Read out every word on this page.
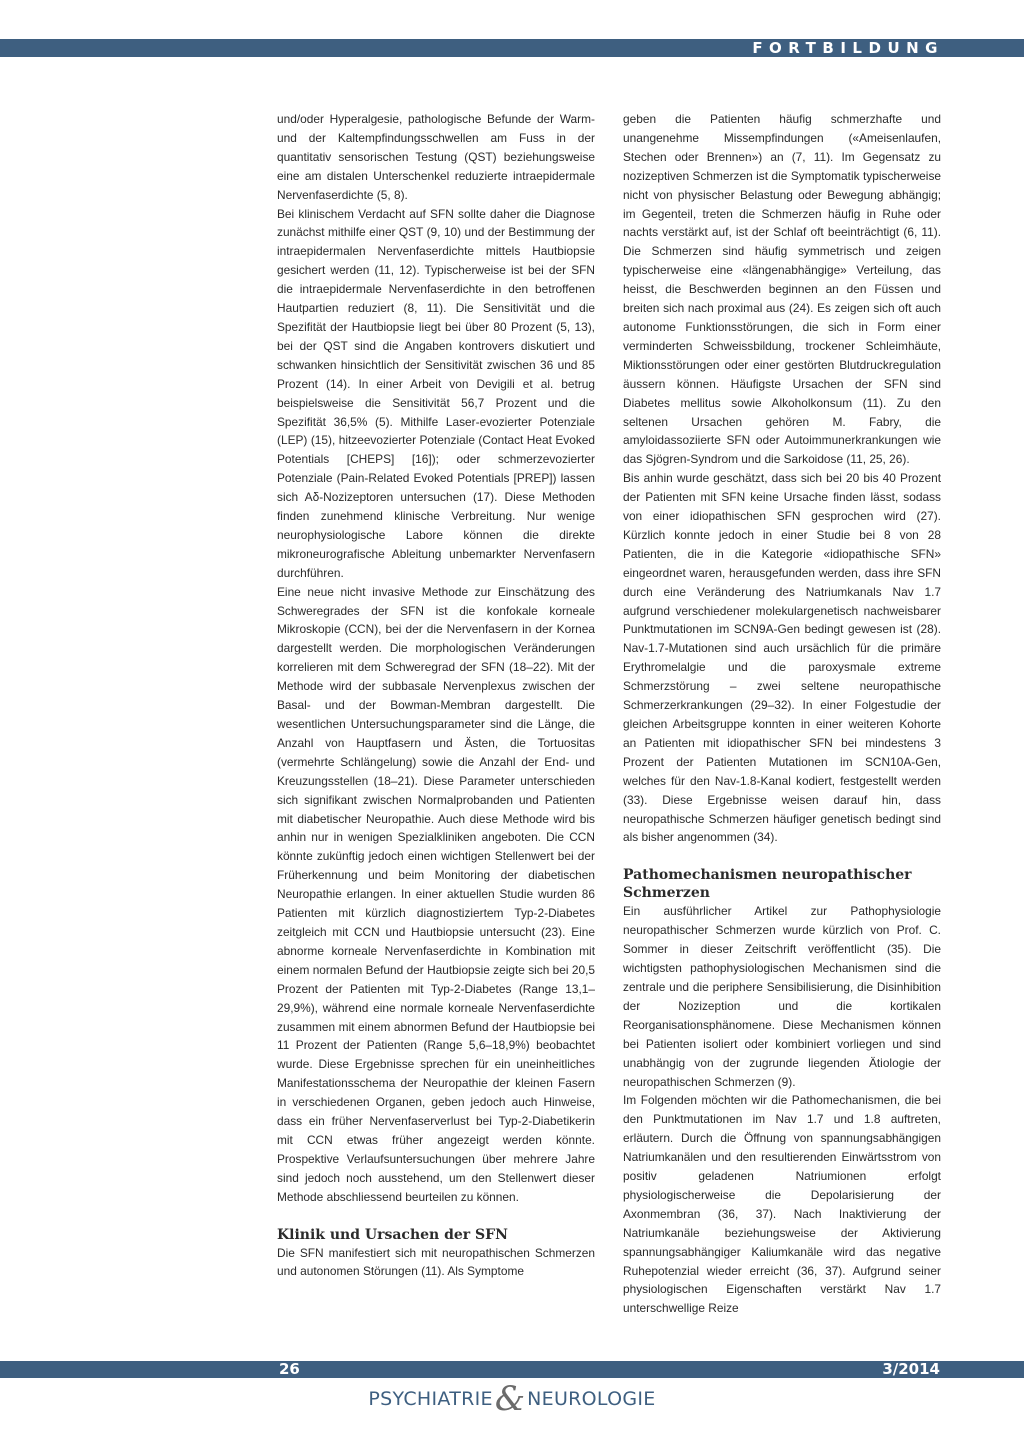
FORTBILDUNG

und/oder Hyperalgesie, pathologische Befunde der Warm- und der Kaltempfindungsschwellen am Fuss in der quantitativ sensorischen Testung (QST) beziehungsweise eine am distalen Unterschenkel reduzierte intraepidermale Nervenfaserdichte (5, 8).

Bei klinischem Verdacht auf SFN sollte daher die Diagnose zunächst mithilfe einer QST (9, 10) und der Bestimmung der intraepidermalen Nervenfaserdichte mittels Hautbiopsie gesichert werden (11, 12). Typischerweise ist bei der SFN die intraepidermale Nervenfaserdichte in den betroffenen Hautpartien reduziert (8, 11). Die Sensitivität und die Spezifität der Hautbiopsie liegt bei über 80 Prozent (5, 13), bei der QST sind die Angaben kontrovers diskutiert und schwanken hinsichtlich der Sensitivität zwischen 36 und 85 Prozent (14). In einer Arbeit von Devigili et al. betrug beispielsweise die Sensitivität 56,7 Prozent und die Spezifität 36,5% (5). Mithilfe Laser-evozierter Potenziale (LEP) (15), hitzeevozierter Potenziale (Contact Heat Evoked Potentials [CHEPS] [16]); oder schmerzevozierter Potenziale (Pain-Related Evoked Potentials [PREP]) lassen sich Aδ-Nozizeptoren untersuchen (17). Diese Methoden finden zunehmend klinische Verbreitung. Nur wenige neurophysiologische Labore können die direkte mikroneurografische Ableitung unbemarkter Nervenfasern durchführen.

Eine neue nicht invasive Methode zur Einschätzung des Schweregrades der SFN ist die konfokale korneale Mikroskopie (CCN), bei der die Nervenfasern in der Kornea dargestellt werden. Die morphologischen Veränderungen korrelieren mit dem Schweregrad der SFN (18–22). Mit der Methode wird der subbasale Nervenplexus zwischen der Basal- und der Bowman-Membran dargestellt. Die wesentlichen Untersuchungsparameter sind die Länge, die Anzahl von Hauptfasern und Ästen, die Tortuositas (vermehrte Schlängelung) sowie die Anzahl der End- und Kreuzungsstellen (18–21). Diese Parameter unterschieden sich signifikant zwischen Normalprobanden und Patienten mit diabetischer Neuropathie. Auch diese Methode wird bis anhin nur in wenigen Spezialkliniken angeboten. Die CCN könnte zukünftig jedoch einen wichtigen Stellenwert bei der Früherkennung und beim Monitoring der diabetischen Neuropathie erlangen. In einer aktuellen Studie wurden 86 Patienten mit kürzlich diagnostiziertem Typ-2-Diabetes zeitgleich mit CCN und Hautbiopsie untersucht (23). Eine abnorme korneale Nervenfaserdichte in Kombination mit einem normalen Befund der Hautbiopsie zeigte sich bei 20,5 Prozent der Patienten mit Typ-2-Diabetes (Range 13,1–29,9%), während eine normale korneale Nervenfaserdichte zusammen mit einem abnormen Befund der Hautbiopsie bei 11 Prozent der Patienten (Range 5,6–18,9%) beobachtet wurde. Diese Ergebnisse sprechen für ein uneinheitliches Manifestationsschema der Neuropathie der kleinen Fasern in verschiedenen Organen, geben jedoch auch Hinweise, dass ein früher Nervenfaserverlust bei Typ-2-Diabetikerin mit CCN etwas früher angezeigt werden könnte. Prospektive Verlaufsuntersuchungen über mehrere Jahre sind jedoch noch ausstehend, um den Stellenwert dieser Methode abschliessend beurteilen zu können.

Klinik und Ursachen der SFN

Die SFN manifestiert sich mit neuropathischen Schmerzen und autonomen Störungen (11). Als Symptome

geben die Patienten häufig schmerzhafte und unangenehme Missempfindungen («Ameisenlaufen, Stechen oder Brennen») an (7, 11). Im Gegensatz zu nozizeptiven Schmerzen ist die Symptomatik typischerweise nicht von physischer Belastung oder Bewegung abhängig; im Gegenteil, treten die Schmerzen häufig in Ruhe oder nachts verstärkt auf, ist der Schlaf oft beeinträchtigt (6, 11). Die Schmerzen sind häufig symmetrisch und zeigen typischerweise eine «längenabhängige» Verteilung, das heisst, die Beschwerden beginnen an den Füssen und breiten sich nach proximal aus (24). Es zeigen sich oft auch autonome Funktionsstörungen, die sich in Form einer verminderten Schweissbildung, trockener Schleimhäute, Miktionsstörungen oder einer gestörten Blutdruckregulation äussern können. Häufigste Ursachen der SFN sind Diabetes mellitus sowie Alkoholkonsum (11). Zu den seltenen Ursachen gehören M. Fabry, die amyloidassoziierte SFN oder Autoimmunerkrankungen wie das Sjögren-Syndrom und die Sarkoidose (11, 25, 26).

Bis anhin wurde geschätzt, dass sich bei 20 bis 40 Prozent der Patienten mit SFN keine Ursache finden lässt, sodass von einer idiopathischen SFN gesprochen wird (27). Kürzlich konnte jedoch in einer Studie bei 8 von 28 Patienten, die in die Kategorie «idiopathische SFN» eingeordnet waren, herausgefunden werden, dass ihre SFN durch eine Veränderung des Natriumkanals Nav 1.7 aufgrund verschiedener molekulargenetisch nachweisbarer Punktmutationen im SCN9A-Gen bedingt gewesen ist (28). Nav-1.7-Mutationen sind auch ursächlich für die primäre Erythromelalgie und die paroxysmale extreme Schmerzstörung – zwei seltene neuropathische Schmerzerkrankungen (29–32). In einer Folgestudie der gleichen Arbeitsgruppe konnten in einer weiteren Kohorte an Patienten mit idiopathischer SFN bei mindestens 3 Prozent der Patienten Mutationen im SCN10A-Gen, welches für den Nav-1.8-Kanal kodiert, festgestellt werden (33). Diese Ergebnisse weisen darauf hin, dass neuropathische Schmerzen häufiger genetisch bedingt sind als bisher angenommen (34).

Pathomechanismen neuropathischer Schmerzen

Ein ausführlicher Artikel zur Pathophysiologie neuropathischer Schmerzen wurde kürzlich von Prof. C. Sommer in dieser Zeitschrift veröffentlicht (35). Die wichtigsten pathophysiologischen Mechanismen sind die zentrale und die periphere Sensibilisierung, die Disinhibition der Nozizeption und die kortikalen Reorganisationsphänomene. Diese Mechanismen können bei Patienten isoliert oder kombiniert vorliegen und sind unabhängig von der zugrunde liegenden Ätiologie der neuropathischen Schmerzen (9).

Im Folgenden möchten wir die Pathomechanismen, die bei den Punktmutationen im Nav 1.7 und 1.8 auftreten, erläutern. Durch die Öffnung von spannungsabhängigen Natriumkanälen und den resultierenden Einwärtsstrom von positiv geladenen Natriumionen erfolgt physiologischerweise die Depolarisierung der Axonmembran (36, 37). Nach Inaktivierung der Natriumkanäle beziehungsweise der Aktivierung spannungsabhängiger Kaliumkanäle wird das negative Ruhepotenzial wieder erreicht (36, 37). Aufgrund seiner physiologischen Eigenschaften verstärkt Nav 1.7 unterschwellige Reize

26	3/2014
PSYCHIATRIE& NEUROLOGIE
